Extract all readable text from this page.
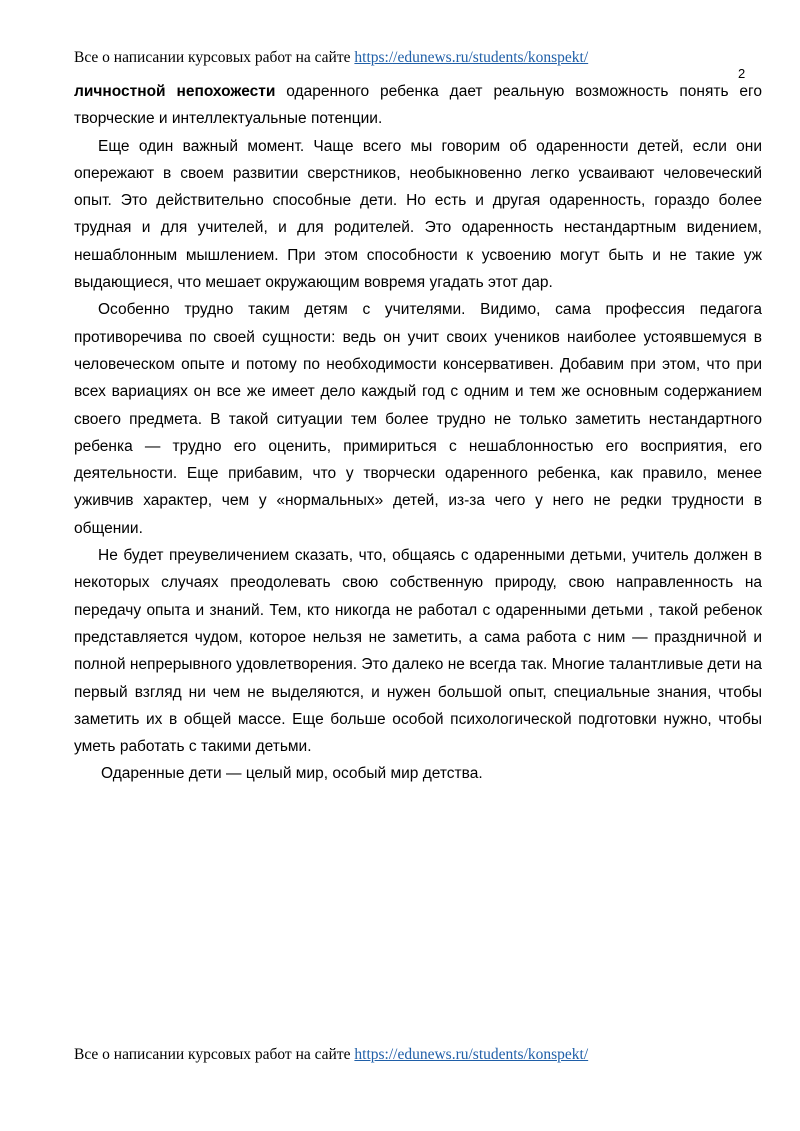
Все о написании курсовых работ на сайте https://edunews.ru/students/konspekt/
2

личностной непохожести одаренного ребенка дает реальную возможность понять его творческие и интеллектуальные потенции.

Еще один важный момент. Чаще всего мы говорим об одаренности детей, если они опережают в своем развитии сверстников, необыкновенно легко усваивают человеческий опыт. Это действительно способные дети. Но есть и другая одаренность, гораздо более трудная и для учителей, и для родителей. Это одаренность нестандартным видением, нешаблонным мышлением. При этом способности к усвоению могут быть и не такие уж выдающиеся, что мешает окружающим вовремя угадать этот дар.

Особенно трудно таким детям с учителями. Видимо, сама профессия педагога противоречива по своей сущности: ведь он учит своих учеников наиболее устоявшемуся в человеческом опыте и потому по необходимости консервативен. Добавим при этом, что при всех вариациях он все же имеет дело каждый год с одним и тем же основным содержанием своего предмета. В такой ситуации тем более трудно не только заметить нестандартного ребенка — трудно его оценить, примириться с нешаблонностью его восприятия, его деятельности. Еще прибавим, что у творчески одаренного ребенка, как правило, менее уживчив характер, чем у «нормальных» детей, из-за чего у него не редки трудности в общении.

Не будет преувеличением сказать, что, общаясь с одаренными детьми, учитель должен в некоторых случаях преодолевать свою собственную природу, свою направленность на передачу опыта и знаний. Тем, кто никогда не работал с одаренными детьми , такой ребенок представляется чудом, которое нельзя не заметить, а сама работа с ним — праздничной и полной непрерывного удовлетворения. Это далеко не всегда так. Многие талантливые дети на первый взгляд ни чем не выделяются, и нужен большой опыт, специальные знания, чтобы заметить их в общей массе. Еще больше особой психологической подготовки нужно, чтобы уметь работать с такими детьми.

Одаренные дети — целый мир, особый мир детства.

Все о написании курсовых работ на сайте https://edunews.ru/students/konspekt/
